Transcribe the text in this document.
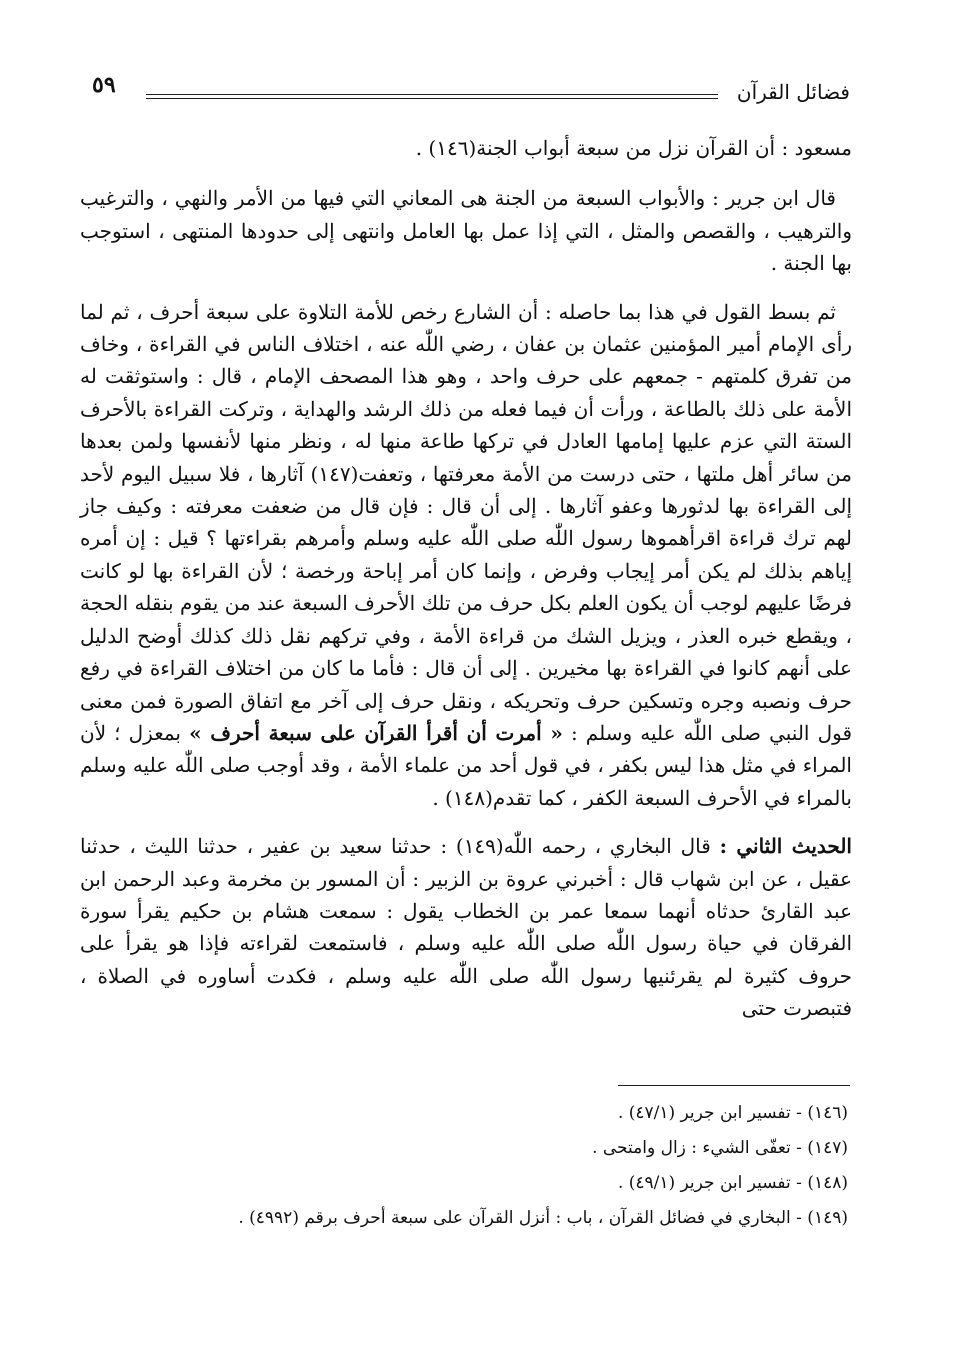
٥٩	فضائل القرآن

مسعود : أن القرآن نزل من سبعة أبواب الجنة(١٤٦) .

قال ابن جرير : والأبواب السبعة من الجنة هى المعاني التي فيها من الأمر والنهي ، والترغيب والترهيب ، والقصص والمثل ، التي إذا عمل بها العامل وانتهى إلى حدودها المنتهى ، استوجب بها الجنة .

ثم بسط القول في هذا بما حاصله : أن الشارع رخص للأمة التلاوة على سبعة أحرف ، ثم لما رأى الإمام أمير المؤمنين عثمان بن عفان ، رضي اللّٰه عنه ، اختلاف الناس في القراءة ، وخاف من تفرق كلمتهم - جمعهم على حرف واحد ، وهو هذا المصحف الإمام ، قال : واستوثقت له الأمة على ذلك بالطاعة ، ورأت أن فيما فعله من ذلك الرشد والهداية ، وتركت القراءة بالأحرف الستة التي عزم عليها إمامها العادل في تركها طاعة منها له ، ونظر منها لأنفسها ولمن بعدها من سائر أهل ملتها ، حتى درست من الأمة معرفتها ، وتعفت(١٤٧) آثارها ، فلا سبيل اليوم لأحد إلى القراءة بها لدثورها وعفو آثارها . إلى أن قال : فإن قال من ضعفت معرفته : وكيف جاز لهم ترك قراءة اقرأهموها رسول اللّٰه صلى اللّٰه عليه وسلم وأمرهم بقراءتها ؟ قيل : إن أمره إياهم بذلك لم يكن أمر إيجاب وفرض ، وإنما كان أمر إباحة ورخصة ؛ لأن القراءة بها لو كانت فرضًا عليهم لوجب أن يكون العلم بكل حرف من تلك الأحرف السبعة عند من يقوم بنقله الحجة ، ويقطع خبره العذر ، ويزيل الشك من قراءة الأمة ، وفي تركهم نقل ذلك كذلك أوضح الدليل على أنهم كانوا في القراءة بها مخيرين . إلى أن قال : فأما ما كان من اختلاف القراءة في رفع حرف ونصبه وجره وتسكين حرف وتحريكه ، ونقل حرف إلى آخر مع اتفاق الصورة فمن معنى قول النبي صلى اللّٰه عليه وسلم : « أمرت أن أقرأ القرآن على سبعة أحرف » بمعزل ؛ لأن المراء في مثل هذا ليس بكفر ، في قول أحد من علماء الأمة ، وقد أوجب صلى اللّٰه عليه وسلم بالمراء في الأحرف السبعة الكفر ، كما تقدم(١٤٨) .

الحديث الثاني : قال البخاري ، رحمه اللّٰه(١٤٩) : حدثنا سعيد بن عفير ، حدثنا الليث ، حدثنا عقيل ، عن ابن شهاب قال : أخبرني عروة بن الزبير : أن المسور بن مخرمة وعبد الرحمن ابن عبد القارئ حدثاه أنهما سمعا عمر بن الخطاب يقول : سمعت هشام بن حكيم يقرأ سورة الفرقان في حياة رسول اللّٰه صلى اللّٰه عليه وسلم ، فاستمعت لقراءته فإذا هو يقرأ على حروف كثيرة لم يقرئنيها رسول اللّٰه صلى اللّٰه عليه وسلم ، فكدت أساوره في الصلاة ، فتبصرت حتى

(١٤٦) - تفسير ابن جرير (٤٧/١) .
(١٤٧) - تعفّى الشيء : زال وامتحى .
(١٤٨) - تفسير ابن جرير (٤٩/١) .
(١٤٩) - البخاري في فضائل القرآن ، باب : أنزل القرآن على سبعة أحرف برقم (٤٩٩٢) .
